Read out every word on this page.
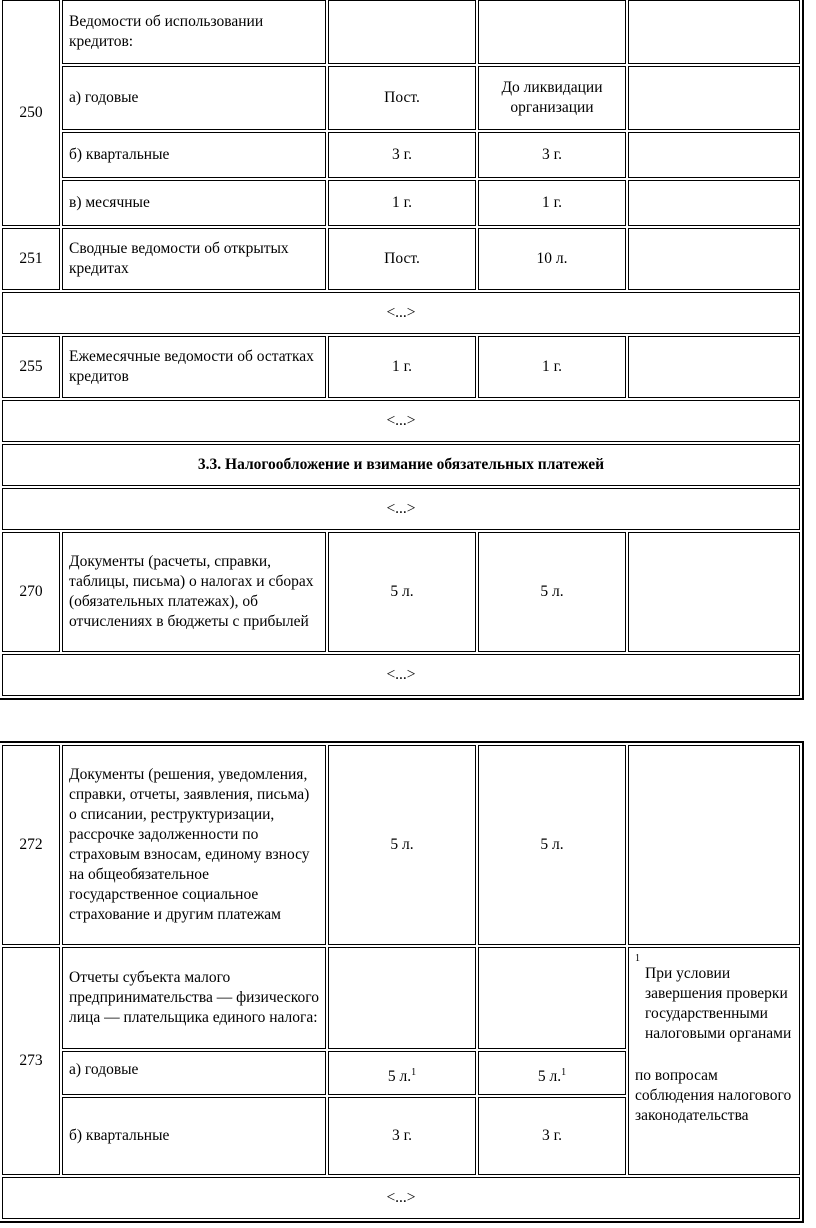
250	Ведомости об использовании кредитов:			
	а) годовые	Пост.	До ликвидации организации	
	б) квартальные	3 г.	3 г.	
	в) месячные	1 г.	1 г.	
251	Сводные ведомости об открытых кредитах	Пост.	10 л.	
<...>				
255	Ежемесячные ведомости об остатках кредитов	1 г.	1 г.	
<...>				
3.3. Налогообложение и взимание обязательных платежей				
<...>				
270	Документы (расчеты, справки, таблицы, письма) о налогах и сборах (обязательных платежах), об отчислениях в бюджеты с прибылей	5 л.	5 л.	
<...>				
272	Документы (решения, уведомления, справки, отчеты, заявления, письма) о списании, реструктуризации, рассрочке задолженности по страховым взносам, единому взносу на общеобязательное государственное социальное страхование и другим платежам	5 л.	5 л.	
273	Отчеты субъекта малого предпринимательства — физического лица — плательщика единого налога:			1
При условии завершения проверки государственными налоговыми органами
по вопросам соблюдения налогового законодательства

	а) годовые	5 л.$^1$	5 л.$^1$
	б) квартальные	3 г.	3 г.	
<...>				
